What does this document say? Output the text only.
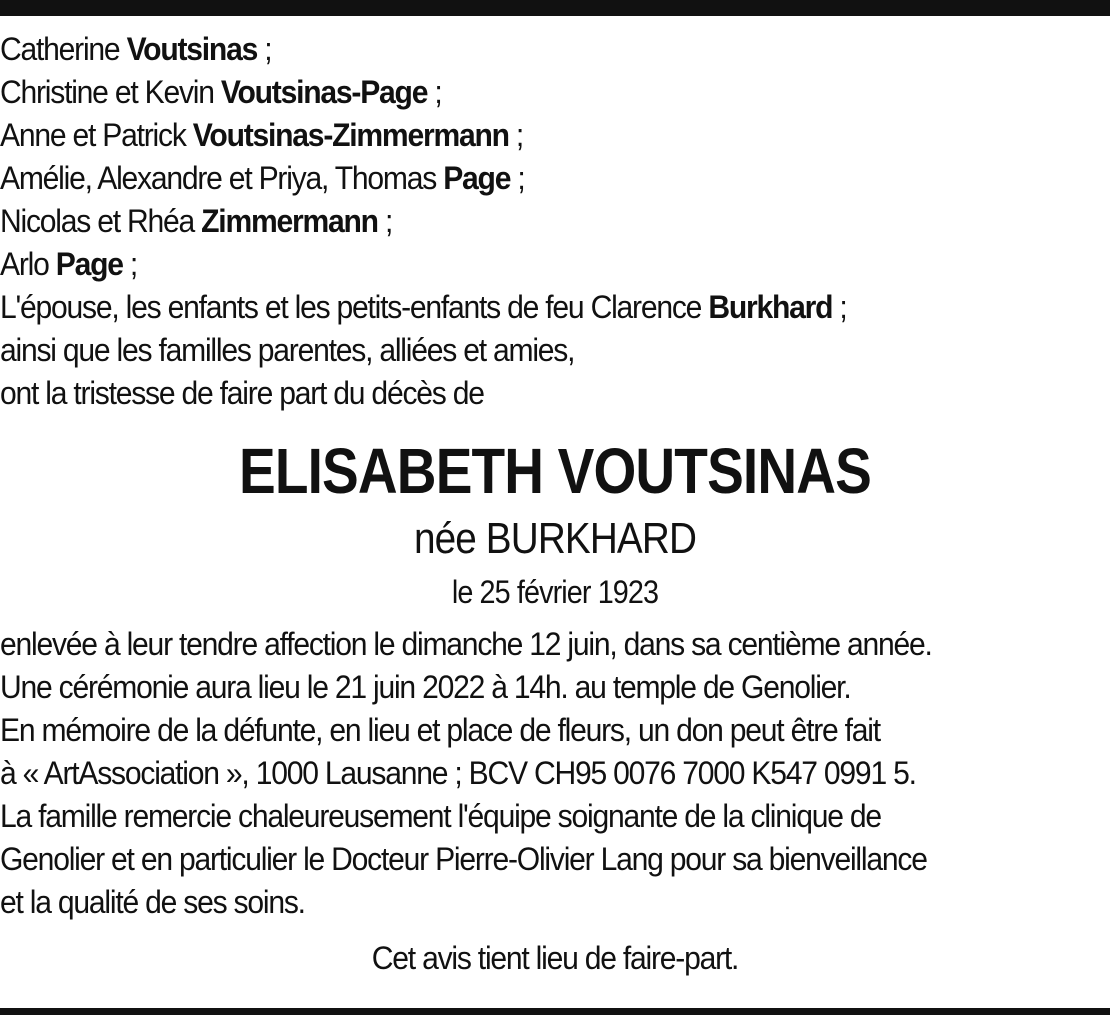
Catherine Voutsinas ;
Christine et Kevin Voutsinas-Page ;
Anne et Patrick Voutsinas-Zimmermann ;
Amélie, Alexandre et Priya, Thomas Page ;
Nicolas et Rhéa Zimmermann ;
Arlo Page ;
L'épouse, les enfants et les petits-enfants de feu Clarence Burkhard ;
ainsi que les familles parentes, alliées et amies,
ont la tristesse de faire part du décès de
ELISABETH VOUTSINAS
née BURKHARD
le 25 février 1923
enlevée à leur tendre affection le dimanche 12 juin, dans sa centième année.
Une cérémonie aura lieu le 21 juin 2022 à 14h. au temple de Genolier.
En mémoire de la défunte, en lieu et place de fleurs, un don peut être fait
à « ArtAssociation », 1000 Lausanne ; BCV CH95 0076 7000 K547 0991 5.
La famille remercie chaleureusement l'équipe soignante de la clinique de
Genolier et en particulier le Docteur Pierre-Olivier Lang pour sa bienveillance
et la qualité de ses soins.
Cet avis tient lieu de faire-part.
